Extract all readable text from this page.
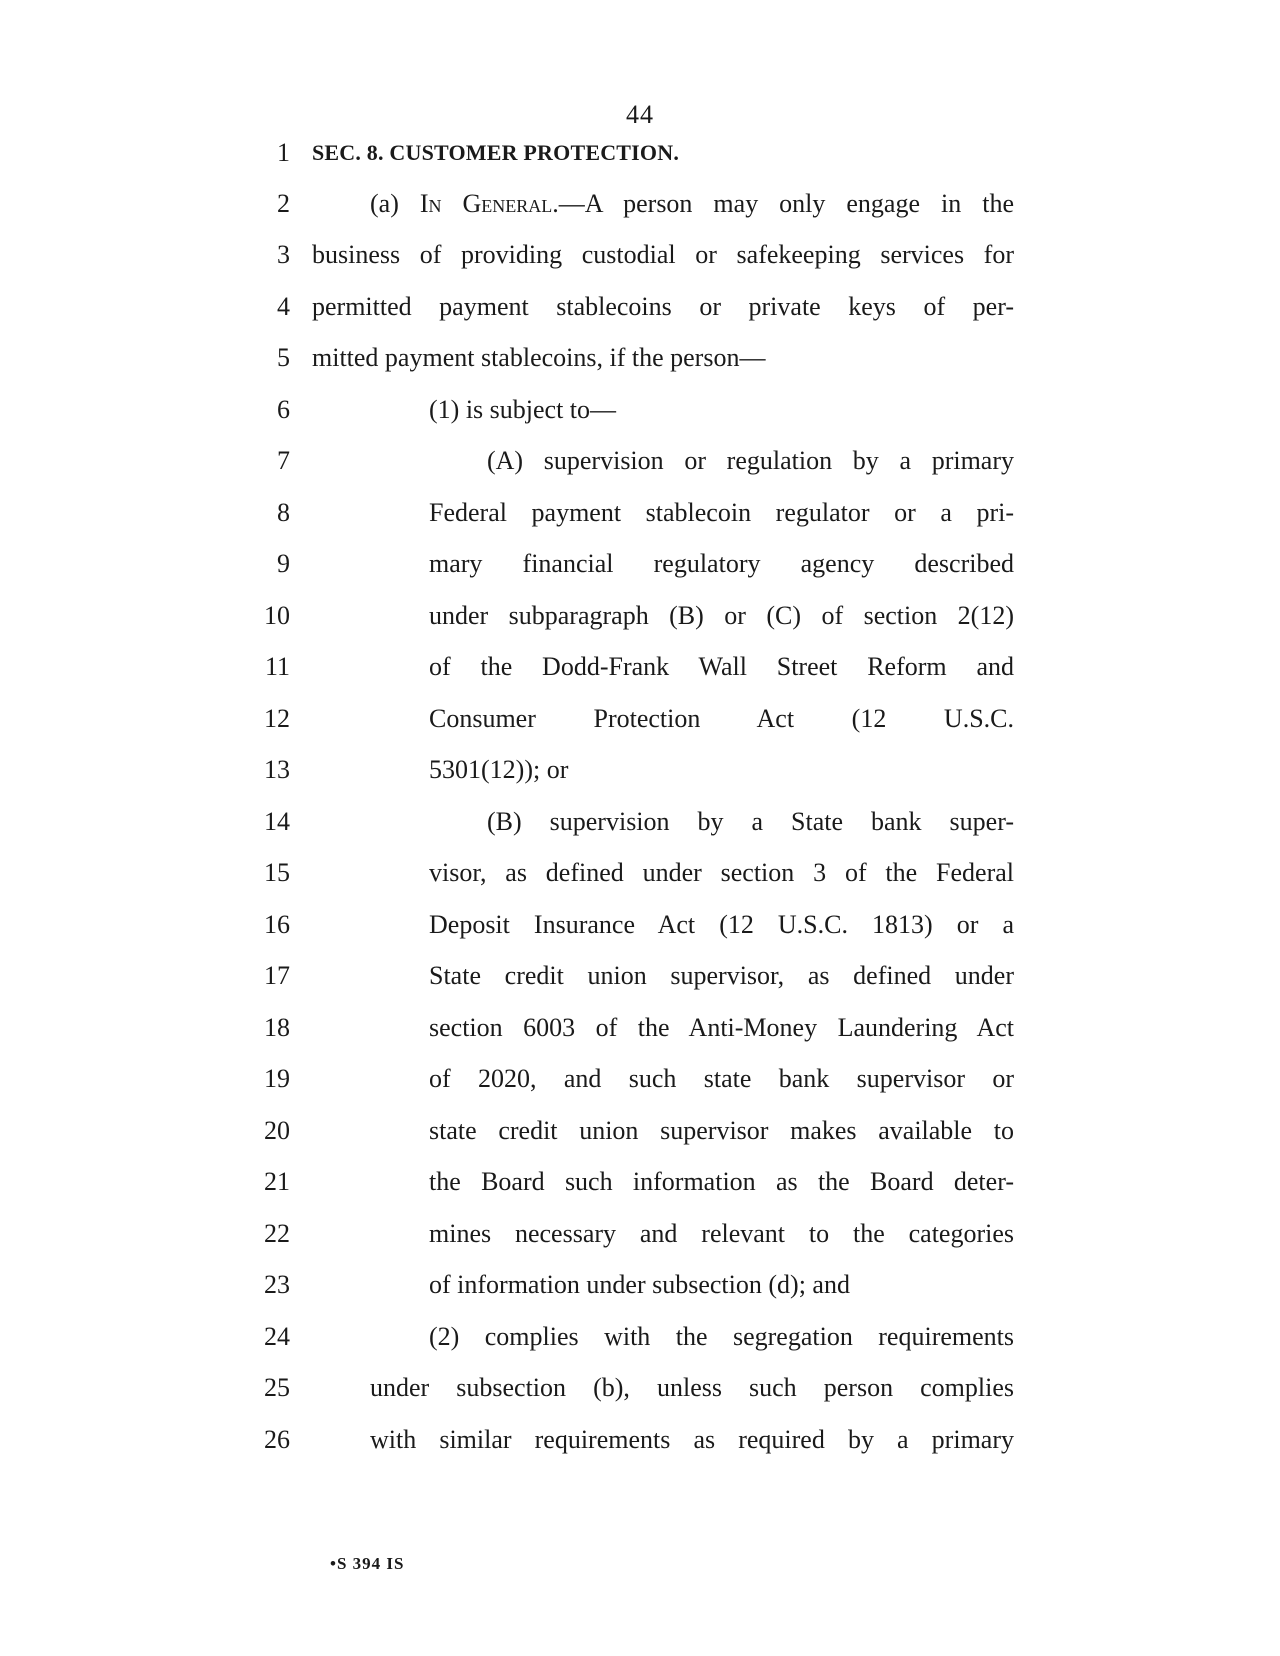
44
1 SEC. 8. CUSTOMER PROTECTION.
2	(a) In General.—A person may only engage in the
3 business of providing custodial or safekeeping services for
4 permitted payment stablecoins or private keys of per-
5 mitted payment stablecoins, if the person—
6	(1) is subject to—
7	(A) supervision or regulation by a primary
8	Federal payment stablecoin regulator or a pri-
9	mary financial regulatory agency described
10	under subparagraph (B) or (C) of section 2(12)
11	of the Dodd-Frank Wall Street Reform and
12	Consumer Protection Act (12 U.S.C.
13	5301(12)); or
14	(B) supervision by a State bank super-
15	visor, as defined under section 3 of the Federal
16	Deposit Insurance Act (12 U.S.C. 1813) or a
17	State credit union supervisor, as defined under
18	section 6003 of the Anti-Money Laundering Act
19	of 2020, and such state bank supervisor or
20	state credit union supervisor makes available to
21	the Board such information as the Board deter-
22	mines necessary and relevant to the categories
23	of information under subsection (d); and
24	(2) complies with the segregation requirements
25	under subsection (b), unless such person complies
26	with similar requirements as required by a primary
•S 394 IS
